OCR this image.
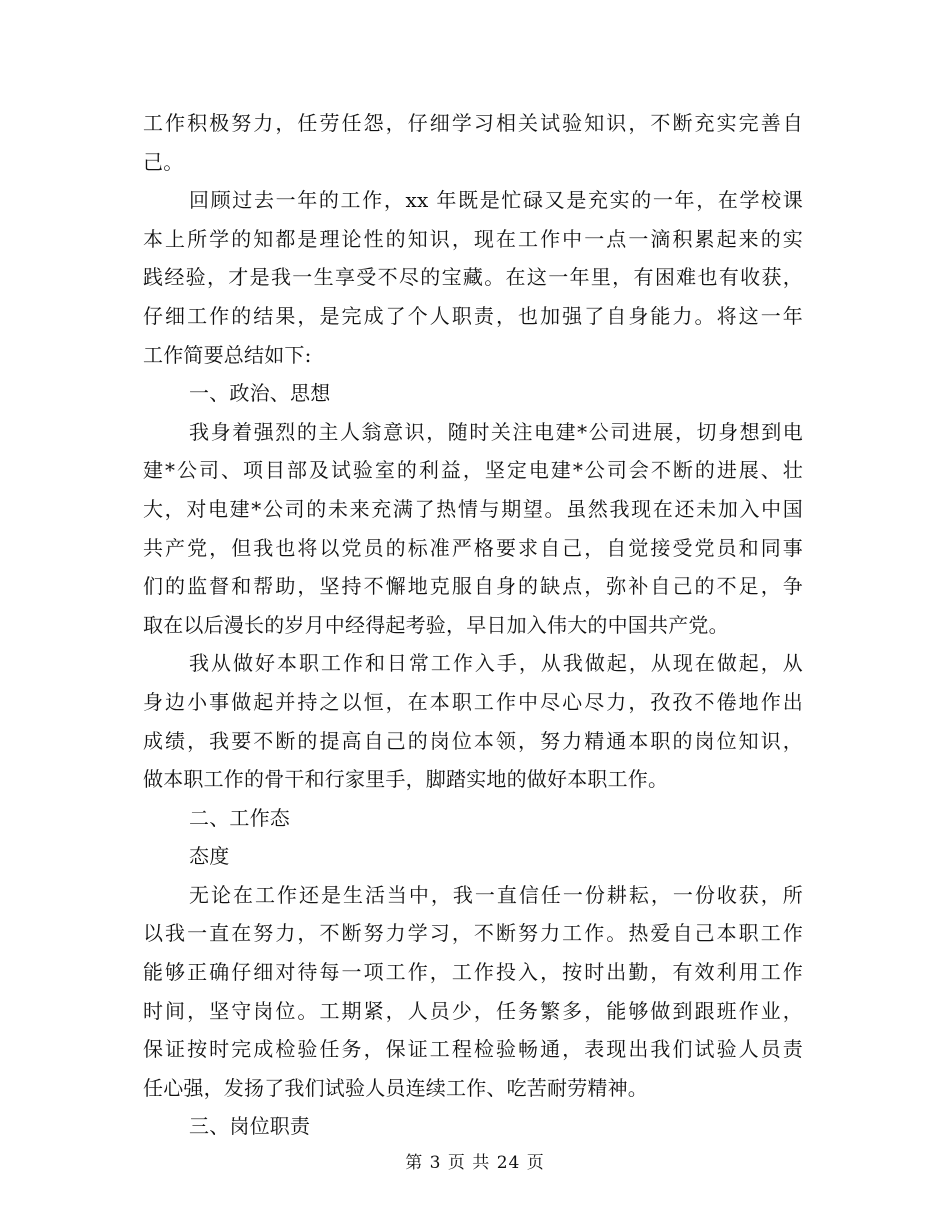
工作积极努力，任劳任怨，仔细学习相关试验知识，不断充实完善自
己。
回顾过去一年的工作，xx 年既是忙碌又是充实的一年，在学校课
本上所学的知都是理论性的知识，现在工作中一点一滴积累起来的实
践经验，才是我一生享受不尽的宝藏。在这一年里，有困难也有收获，
仔细工作的结果，是完成了个人职责，也加强了自身能力。将这一年
工作简要总结如下:
一、政治、思想
我身着强烈的主人翁意识，随时关注电建*公司进展，切身想到电
建*公司、项目部及试验室的利益，坚定电建*公司会不断的进展、壮
大，对电建*公司的未来充满了热情与期望。虽然我现在还未加入中国
共产党，但我也将以党员的标准严格要求自己，自觉接受党员和同事
们的监督和帮助，坚持不懈地克服自身的缺点，弥补自己的不足，争
取在以后漫长的岁月中经得起考验，早日加入伟大的中国共产党。
我从做好本职工作和日常工作入手，从我做起，从现在做起，从
身边小事做起并持之以恒，在本职工作中尽心尽力，孜孜不倦地作出
成绩，我要不断的提高自己的岗位本领，努力精通本职的岗位知识，
做本职工作的骨干和行家里手，脚踏实地的做好本职工作。
二、工作态
态度
无论在工作还是生活当中，我一直信任一份耕耘，一份收获，所
以我一直在努力，不断努力学习，不断努力工作。热爱自己本职工作
能够正确仔细对待每一项工作，工作投入，按时出勤，有效利用工作
时间，坚守岗位。工期紧，人员少，任务繁多，能够做到跟班作业，
保证按时完成检验任务，保证工程检验畅通，表现出我们试验人员责
任心强，发扬了我们试验人员连续工作、吃苦耐劳精神。
三、岗位职责
第 3 页 共 24 页
